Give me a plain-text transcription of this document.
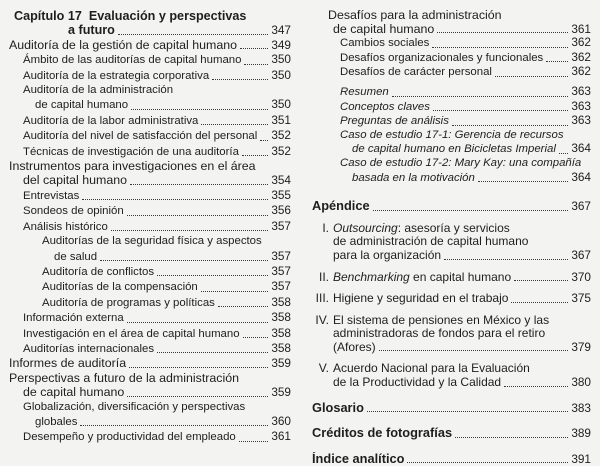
Capítulo 17  Evaluación y perspectivas
a futuro	347
Auditoría de la gestión de capital humano	349
Ámbito de las auditorías de capital humano	350
Auditoría de la estrategia corporativa	350
Auditoría de la administración
de capital humano	350
Auditoría de la labor administrativa	351
Auditoría del nivel de satisfacción del personal 352
Técnicas de investigación de una auditoría	352
Instrumentos para investigaciones en el área
del capital humano	354
Entrevistas	355
Sondeos de opinión	356
Análisis histórico	357
Auditorías de la seguridad física y aspectos
de salud	357
Auditoría de conflictos	357
Auditorías de la compensación	357
Auditoría de programas y políticas	358
Información externa	358
Investigación en el área de capital humano	358
Auditorías internacionales	358
Informes de auditoría	359
Perspectivas a futuro de la administración
de capital humano	359
Globalización, diversificación y perspectivas
globales	360
Desempeño y productividad del empleado	361
Desafíos para la administración
de capital humano	361
Cambios sociales	362
Desafíos organizacionales y funcionales 362
Desafíos de carácter personal	362
Resumen	363
Conceptos claves	363
Preguntas de análisis	363
Caso de estudio 17-1: Gerencia de recursos
de capital humano en Bicicletas Imperial 364
Caso de estudio 17-2: Mary Kay: una compañía
basada en la motivación	364
Apéndice	367
I. Outsourcing: asesoría y servicios
de administración de capital humano
para la organización	367
II. Benchmarking en capital humano	370
III. Higiene y seguridad en el trabajo	375
IV. El sistema de pensiones en México y las
administradoras de fondos para el retiro
(Afores)	379
V. Acuerdo Nacional para la Evaluación
de la Productividad y la Calidad	380
Glosario	383
Créditos de fotografías	389
Índice analítico	391
